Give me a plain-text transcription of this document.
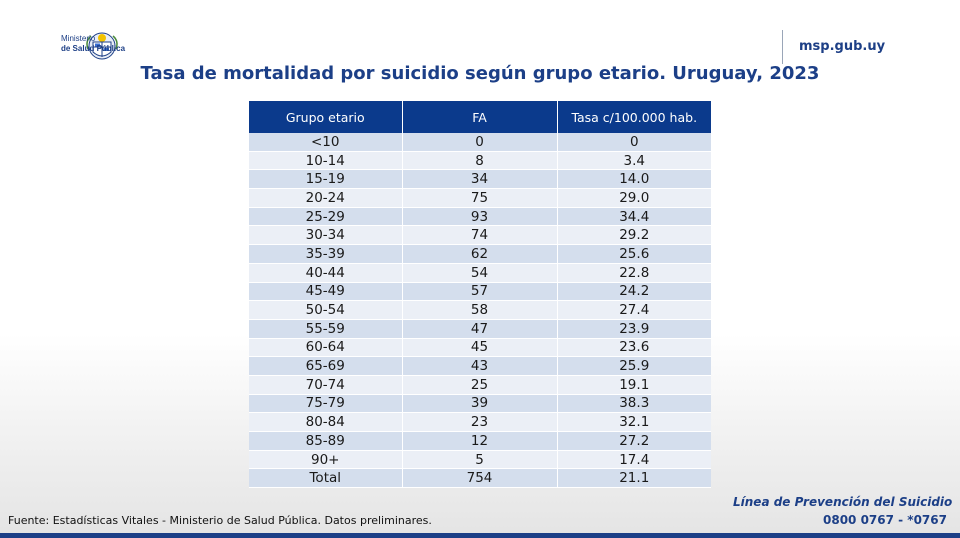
Ministerio
de Salud Pública	msp.gub.uy
Tasa de mortalidad por suicidio según grupo etario. Uruguay, 2023
Grupo etario	FA	Tasa c/100.000 hab.
<10	0	0
10-14	8	3.4
15-19	34	14.0
20-24	75	29.0
25-29	93	34.4
30-34	74	29.2
35-39	62	25.6
40-44	54	22.8
45-49	57	24.2
50-54	58	27.4
55-59	47	23.9
60-64	45	23.6
65-69	43	25.9
70-74	25	19.1
75-79	39	38.3
80-84	23	32.1
85-89	12	27.2
90+	5	17.4
Total	754	21.1
Fuente: Estadísticas Vitales - Ministerio de Salud Pública. Datos preliminares.
Línea de Prevención del Suicidio
0800 0767 - *0767
